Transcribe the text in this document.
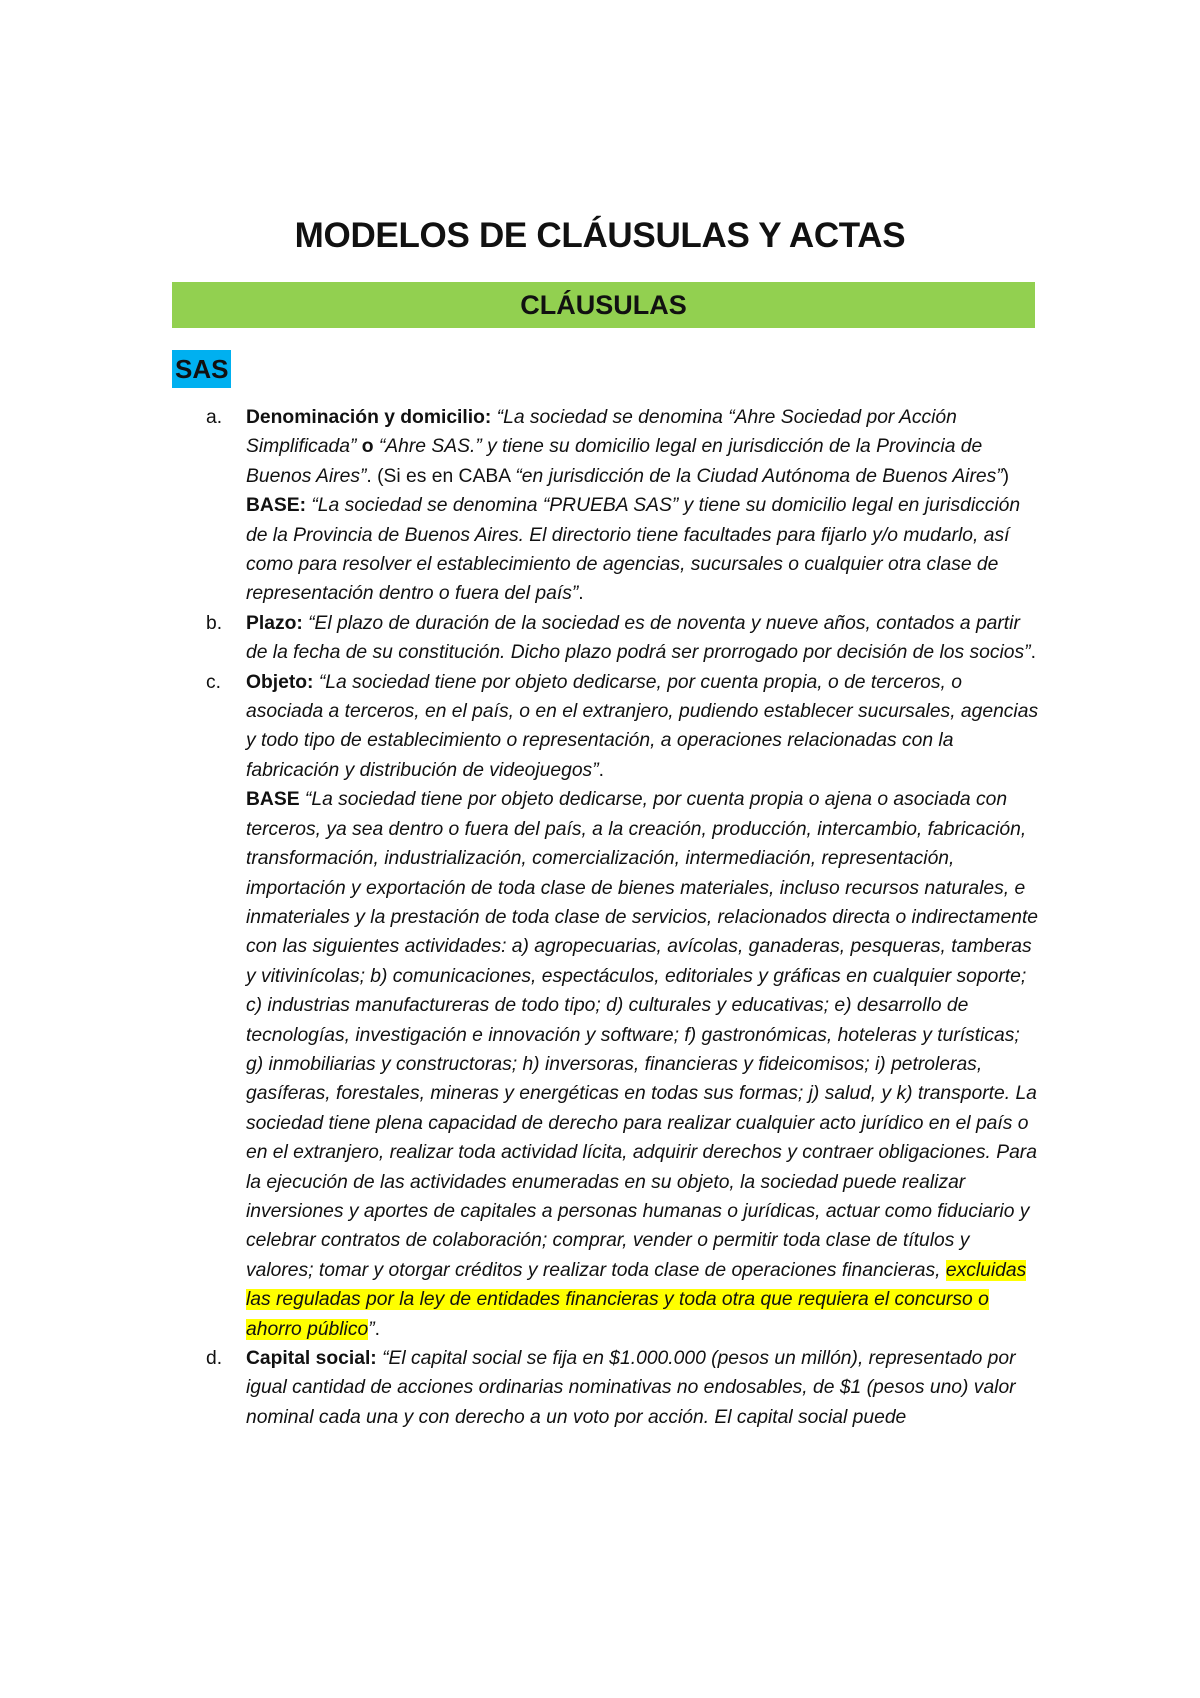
MODELOS DE CLÁUSULAS Y ACTAS
CLÁUSULAS
SAS
a. Denominación y domicilio: “La sociedad se denomina “Ahre Sociedad por Acción Simplificada” o “Ahre SAS.” y tiene su domicilio legal en jurisdicción de la Provincia de Buenos Aires”. (Si es en CABA “en jurisdicción de la Ciudad Autónoma de Buenos Aires”)
BASE: “La sociedad se denomina “PRUEBA SAS” y tiene su domicilio legal en jurisdicción de la Provincia de Buenos Aires. El directorio tiene facultades para fijarlo y/o mudarlo, así como para resolver el establecimiento de agencias, sucursales o cualquier otra clase de representación dentro o fuera del país”.
b. Plazo: “El plazo de duración de la sociedad es de noventa y nueve años, contados a partir de la fecha de su constitución. Dicho plazo podrá ser prorrogado por decisión de los socios”.
c. Objeto: “La sociedad tiene por objeto dedicarse, por cuenta propia, o de terceros, o asociada a terceros, en el país, o en el extranjero, pudiendo establecer sucursales, agencias y todo tipo de establecimiento o representación, a operaciones relacionadas con la fabricación y distribución de videojuegos”.
BASE “La sociedad tiene por objeto dedicarse, por cuenta propia o ajena o asociada con terceros, ya sea dentro o fuera del país, a la creación, producción, intercambio, fabricación, transformación, industrialización, comercialización, intermediación, representación, importación y exportación de toda clase de bienes materiales, incluso recursos naturales, e inmateriales y la prestación de toda clase de servicios, relacionados directa o indirectamente con las siguientes actividades: a) agropecuarias, avícolas, ganaderas, pesqueras, tamberas y vitivinícolas; b) comunicaciones, espectáculos, editoriales y gráficas en cualquier soporte; c) industrias manufactureras de todo tipo; d) culturales y educativas; e) desarrollo de tecnologías, investigación e innovación y software; f) gastronómicas, hoteleras y turísticas; g) inmobiliarias y constructoras; h) inversoras, financieras y fideicomisos; i) petroleras, gasíferas, forestales, mineras y energéticas en todas sus formas; j) salud, y k) transporte. La sociedad tiene plena capacidad de derecho para realizar cualquier acto jurídico en el país o en el extranjero, realizar toda actividad lícita, adquirir derechos y contraer obligaciones. Para la ejecución de las actividades enumeradas en su objeto, la sociedad puede realizar inversiones y aportes de capitales a personas humanas o jurídicas, actuar como fiduciario y celebrar contratos de colaboración; comprar, vender o permitir toda clase de títulos y valores; tomar y otorgar créditos y realizar toda clase de operaciones financieras, excluidas las reguladas por la ley de entidades financieras y toda otra que requiera el concurso o ahorro público”.
d. Capital social: “El capital social se fija en $1.000.000 (pesos un millón), representado por igual cantidad de acciones ordinarias nominativas no endosables, de $1 (pesos uno) valor nominal cada una y con derecho a un voto por acción. El capital social puede
